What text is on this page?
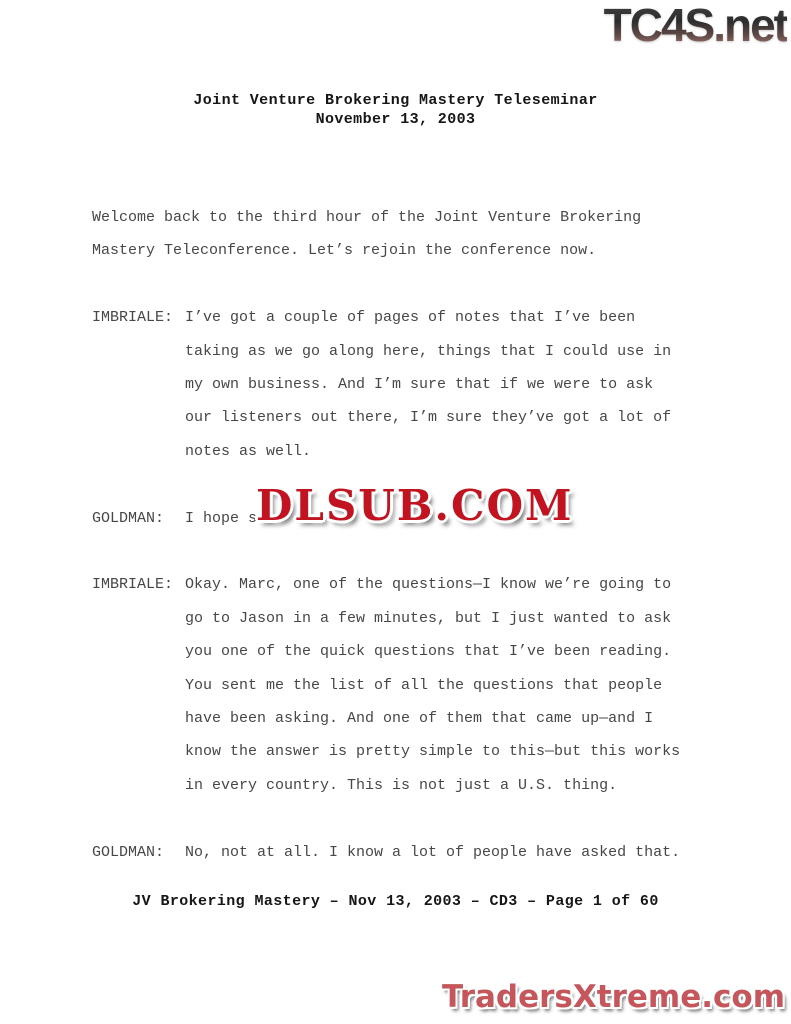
TC4S.net
Joint Venture Brokering Mastery Teleseminar
November 13, 2003
Welcome back to the third hour of the Joint Venture Brokering
Mastery Teleconference. Let’s rejoin the conference now.
IMBRIALE: I’ve got a couple of pages of notes that I’ve been
taking as we go along here, things that I could use in
my own business. And I’m sure that if we were to ask
our listeners out there, I’m sure they’ve got a lot of
notes as well.
GOLDMAN: I hope s
IMBRIALE: Okay. Marc, one of the questions—I know we’re going to
go to Jason in a few minutes, but I just wanted to ask
you one of the quick questions that I’ve been reading.
You sent me the list of all the questions that people
have been asking. And one of them that came up—and I
know the answer is pretty simple to this—but this works
in every country. This is not just a U.S. thing.
GOLDMAN: No, not at all. I know a lot of people have asked that.
DLSUB.COM
JV Brokering Mastery – Nov 13, 2003 – CD3 – Page 1 of 60
TradersXtreme.com
